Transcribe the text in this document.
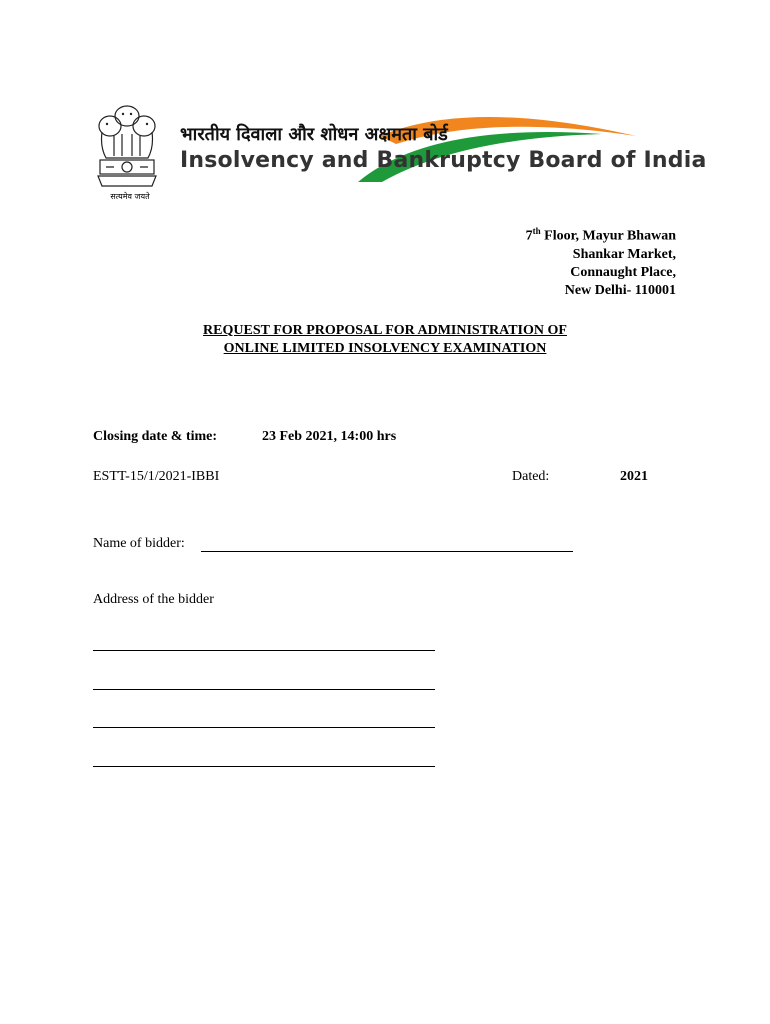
सत्यमेव जयते
भारतीय दिवाला और शोधन अक्षमता बोर्ड
Insolvency and Bankruptcy Board of India
7th Floor, Mayur Bhawan
Shankar Market,
Connaught Place,
New Delhi- 110001
REQUEST FOR PROPOSAL FOR ADMINISTRATION OF
ONLINE LIMITED INSOLVENCY EXAMINATION
Closing date & time:	23 Feb 2021, 14:00 hrs
ESTT-15/1/2021-IBBI	Dated:	2021
Name of bidder:
Address of the bidder
